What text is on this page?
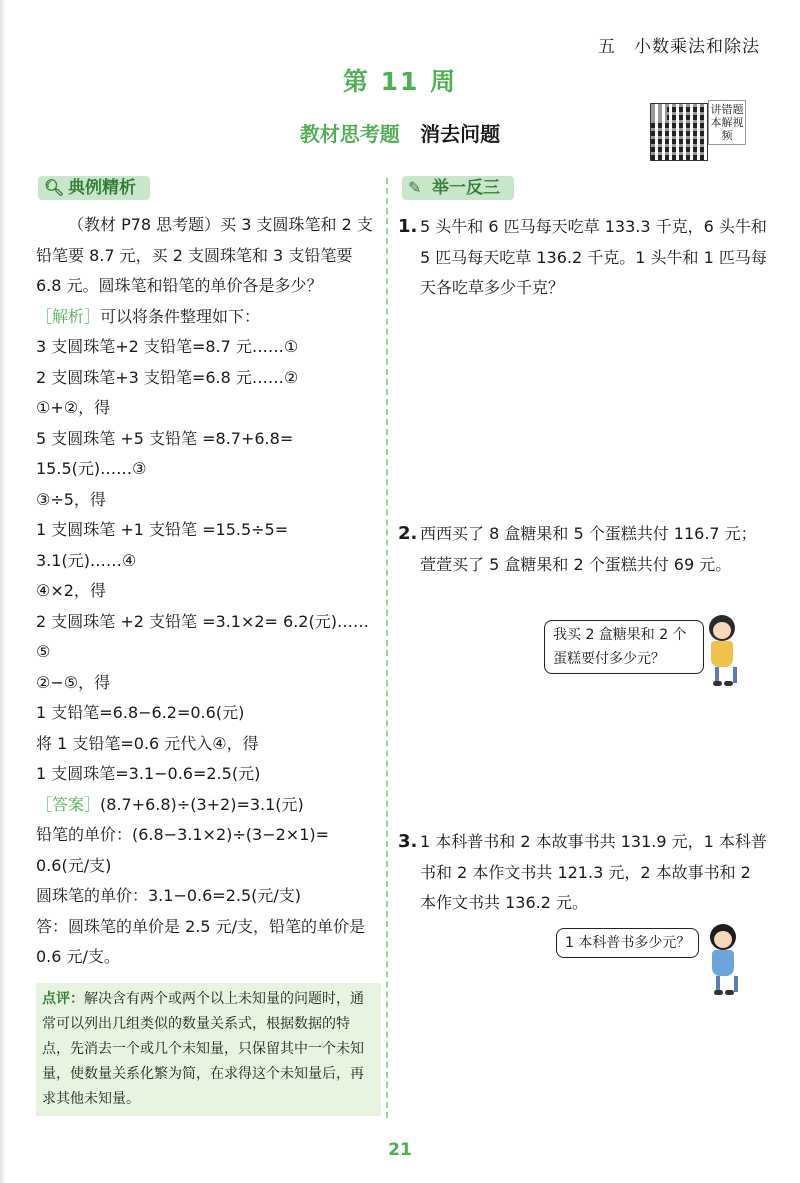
五　小数乘法和除法
第 11 周
教材思考题 消去问题
讲错题本解视频
🔍︎ 典例精析

（教材 P78 思考题）买 3 支圆珠笔和 2 支铅笔要 8.7 元，买 2 支圆珠笔和 3 支铅笔要 6.8 元。圆珠笔和铅笔的单价各是多少？

［解析］可以将条件整理如下：

3 支圆珠笔+2 支铅笔=8.7 元……①

2 支圆珠笔+3 支铅笔=6.8 元……②

①+②，得

5 支圆珠笔 +5 支铅笔 =8.7+6.8= 15.5(元)……③

③÷5，得

1 支圆珠笔 +1 支铅笔 =15.5÷5= 3.1(元)……④

④×2，得

2 支圆珠笔 +2 支铅笔 =3.1×2= 6.2(元)……⑤

②−⑤，得

1 支铅笔=6.8−6.2=0.6(元)

将 1 支铅笔=0.6 元代入④，得

1 支圆珠笔=3.1−0.6=2.5(元)

［答案］(8.7+6.8)÷(3+2)=3.1(元)

铅笔的单价：(6.8−3.1×2)÷(3−2×1)= 0.6(元/支)

圆珠笔的单价：3.1−0.6=2.5(元/支)

答：圆珠笔的单价是 2.5 元/支，铅笔的单价是 0.6 元/支。

点评：解决含有两个或两个以上未知量的问题时，通常可以列出几组类似的数量关系式，根据数据的特点，先消去一个或几个未知量，只保留其中一个未知量，使数量关系化繁为简，在求得这个未知量后，再求其他未知量。
✎ 举一反三
1. 5 头牛和 6 匹马每天吃草 133.3 千克，6 头牛和 5 匹马每天吃草 136.2 千克。1 头牛和 1 匹马每天各吃草多少千克？
2. 西西买了 8 盒糖果和 5 个蛋糕共付 116.7 元；萱萱买了 5 盒糖果和 2 个蛋糕共付 69 元。
我买 2 盒糖果和 2 个蛋糕要付多少元？
3. 1 本科普书和 2 本故事书共 131.9 元，1 本科普书和 2 本作文书共 121.3 元，2 本故事书和 2 本作文书共 136.2 元。
1 本科普书多少元？
21
